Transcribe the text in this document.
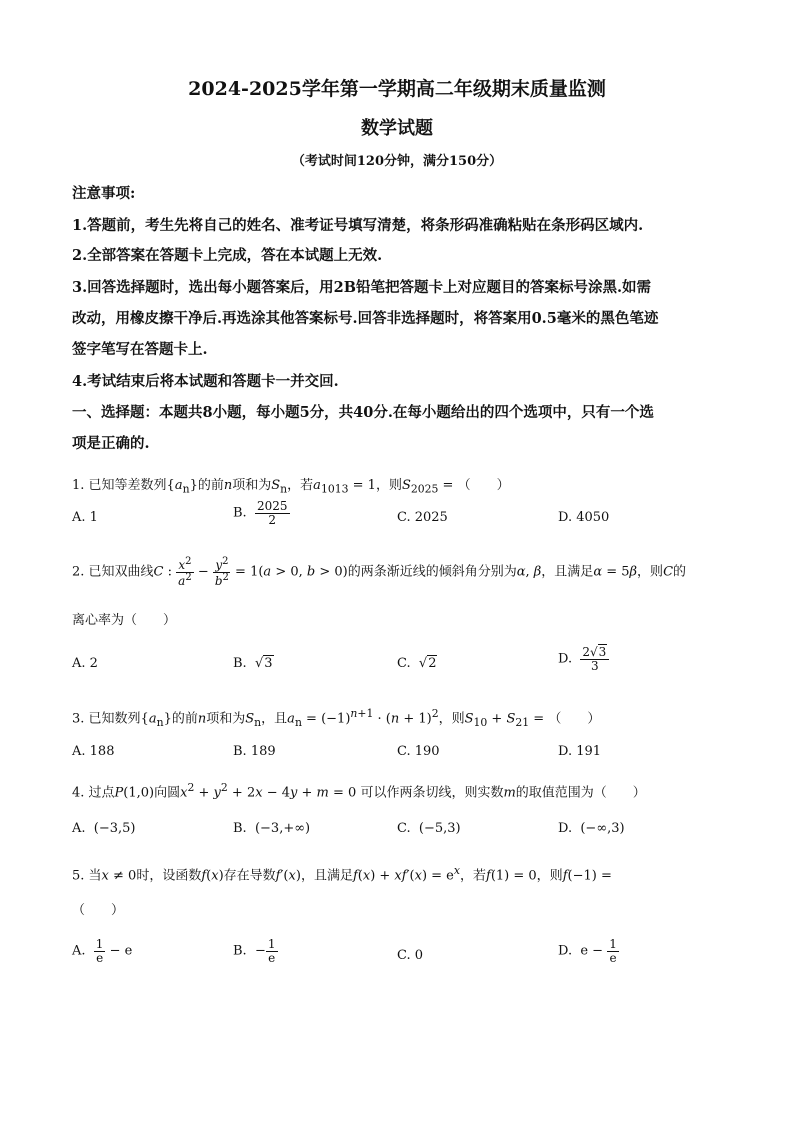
2024-2025学年第一学期高二年级期末质量监测
数学试题
（考试时间120分钟，满分150分）
注意事项:
1.答题前，考生先将自己的姓名、准考证号填写清楚，将条形码准确粘贴在条形码区域内.
2.全部答案在答题卡上完成，答在本试题上无效.
3.回答选择题时，选出每小题答案后，用2B铅笔把答题卡上对应题目的答案标号涂黑.如需
改动，用橡皮擦干净后.再选涂其他答案标号.回答非选择题时，将答案用0.5毫米的黑色笔迹
签字笔写在答题卡上.
4.考试结束后将本试题和答题卡一并交回.
一、选择题：本题共8小题，每小题5分，共40分.在每小题给出的四个选项中，只有一个选
项是正确的.
1. 已知等差数列$\{a_n\}$的前n项和为$S_n$，若$a_{1013} = 1$，则$S_{2025}$ = （　　）
A. 1	B. $\frac{2025}{2}$	C. 2025	D. 4050
2. 已知双曲线C : $\frac{x^2}{a^2} - \frac{y^2}{b^2} = 1(a > 0$, b > 0)的两条渐近线的倾斜角分别为α, β，且满足α = 5β，则C的
离心率为（　　）
A. 2	B.  √3	C.  √2	D. $\frac{2√3}{3}$
3. 已知数列$\{a_n\}$的前n项和为$S_n$，且$a_n = (-1)^{n+1} \cdot (n + 1)^2$，则$S_{10} + S_{21}$ = （　　）
A. 188	B. 189	C. 190	D. 191
4. 过点P(1,0)向圆$x^2 + y^2 + 2x - 4y + m = 0$ 可以作两条切线，则实数m的取值范围为（　　）
A. (−3,5)	B. (−3,+∞)	C. (−5,3)	D. (−∞,3)
5. 当x ≠ 0时，设函数f(x)存在导数f′(x)，且满足$f(x) + xf'(x) = e^x$，若f(1) = 0，则f(−1) =
（　　）
A. $\frac{1}{e} - e$	B.  − $\frac{1}{e}$	C. 0	D.  $e - \frac{1}{e}$
